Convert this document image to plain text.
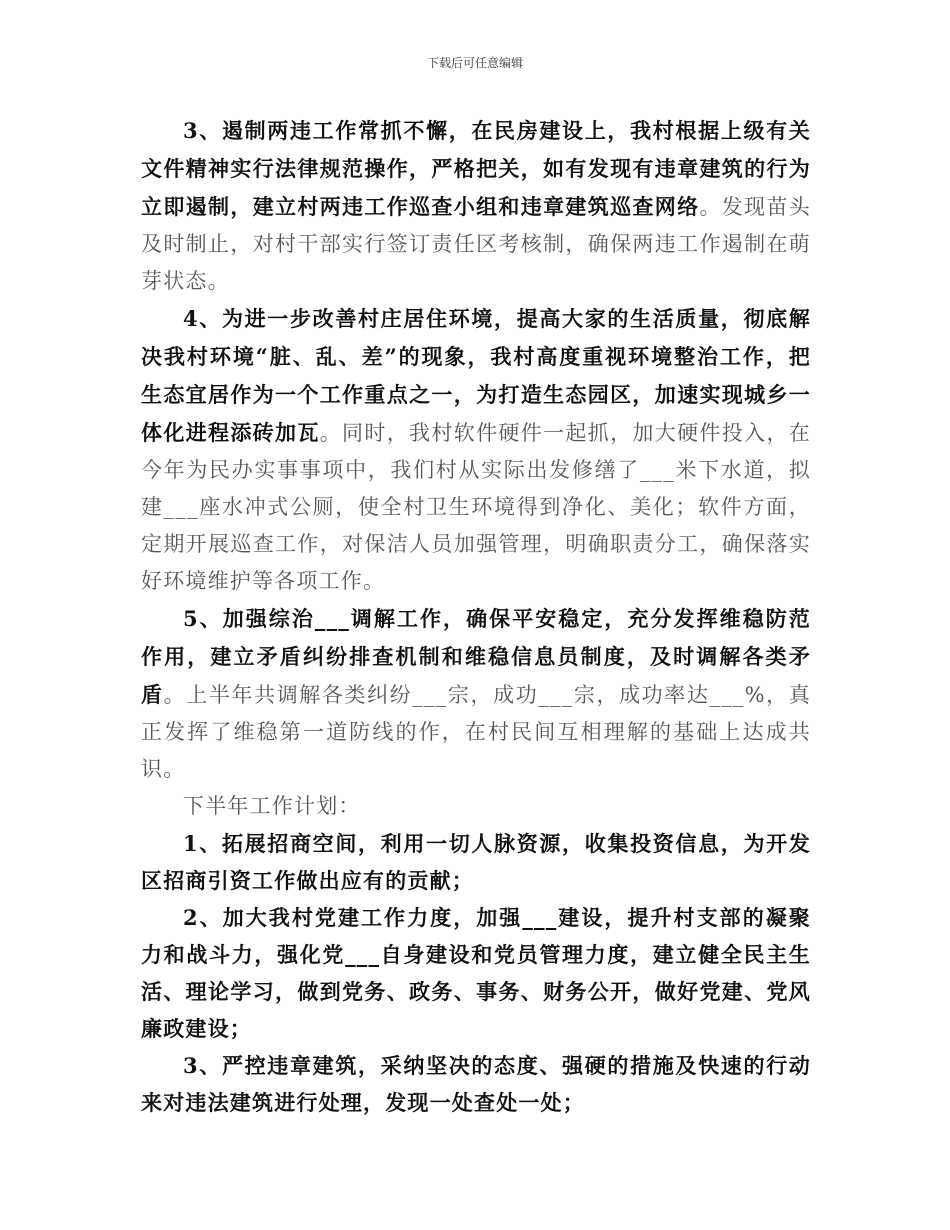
下载后可任意编辑

3、遏制两违工作常抓不懈，在民房建设上，我村根据上级有关文件精神实行法律规范操作，严格把关，如有发现有违章建筑的行为立即遏制，建立村两违工作巡查小组和违章建筑巡查网络。发现苗头及时制止，对村干部实行签订责任区考核制，确保两违工作遏制在萌芽状态。

4、为进一步改善村庄居住环境，提高大家的生活质量，彻底解决我村环境“脏、乱、差”的现象，我村高度重视环境整治工作，把生态宜居作为一个工作重点之一，为打造生态园区，加速实现城乡一体化进程添砖加瓦。同时，我村软件硬件一起抓，加大硬件投入，在今年为民办实事事项中，我们村从实际出发修缮了___米下水道，拟建___座水冲式公厕，使全村卫生环境得到净化、美化；软件方面，定期开展巡查工作，对保洁人员加强管理，明确职责分工，确保落实好环境维护等各项工作。

5、加强综治___调解工作，确保平安稳定，充分发挥维稳防范作用，建立矛盾纠纷排查机制和维稳信息员制度，及时调解各类矛盾。上半年共调解各类纠纷___宗，成功___宗，成功率达___%，真正发挥了维稳第一道防线的作，在村民间互相理解的基础上达成共识。

下半年工作计划：

1、拓展招商空间，利用一切人脉资源，收集投资信息，为开发区招商引资工作做出应有的贡献；

2、加大我村党建工作力度，加强___建设，提升村支部的凝聚力和战斗力，强化党___自身建设和党员管理力度，建立健全民主生活、理论学习，做到党务、政务、事务、财务公开，做好党建、党风廉政建设；

3、严控违章建筑，采纳坚决的态度、强硬的措施及快速的行动来对违法建筑进行处理，发现一处查处一处；
